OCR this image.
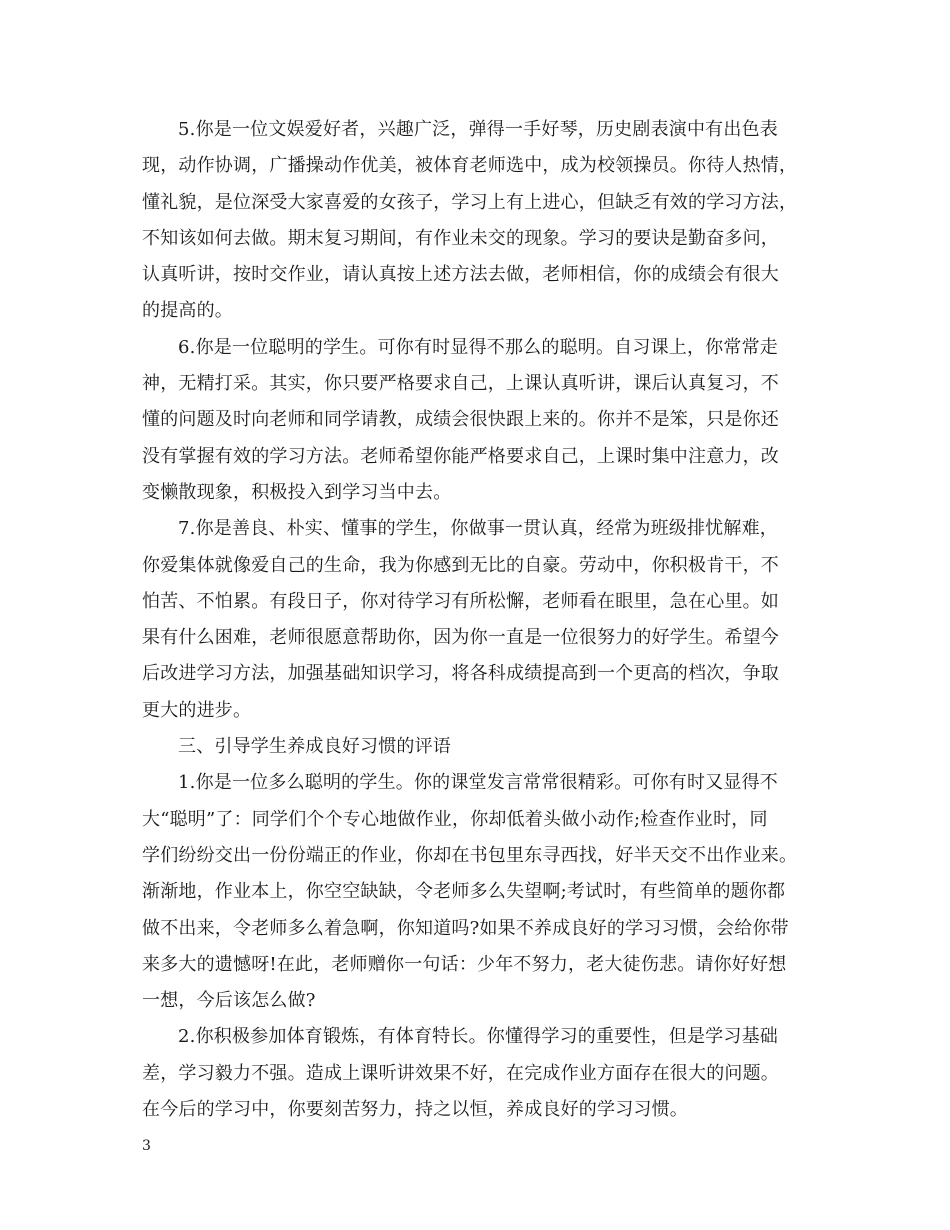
5.你是一位文娱爱好者，兴趣广泛，弹得一手好琴，历史剧表演中有出色表
现，动作协调，广播操动作优美，被体育老师选中，成为校领操员。你待人热情，
懂礼貌，是位深受大家喜爱的女孩子，学习上有上进心，但缺乏有效的学习方法，
不知该如何去做。期末复习期间，有作业未交的现象。学习的要诀是勤奋多问，
认真听讲，按时交作业，请认真按上述方法去做，老师相信，你的成绩会有很大
的提高的。
6.你是一位聪明的学生。可你有时显得不那么的聪明。自习课上，你常常走
神，无精打采。其实，你只要严格要求自己，上课认真听讲，课后认真复习，不
懂的问题及时向老师和同学请教，成绩会很快跟上来的。你并不是笨，只是你还
没有掌握有效的学习方法。老师希望你能严格要求自己，上课时集中注意力，改
变懒散现象，积极投入到学习当中去。
7.你是善良、朴实、懂事的学生，你做事一贯认真，经常为班级排忧解难，
你爱集体就像爱自己的生命，我为你感到无比的自豪。劳动中，你积极肯干，不
怕苦、不怕累。有段日子，你对待学习有所松懈，老师看在眼里，急在心里。如
果有什么困难，老师很愿意帮助你，因为你一直是一位很努力的好学生。希望今
后改进学习方法，加强基础知识学习，将各科成绩提高到一个更高的档次，争取
更大的进步。
三、引导学生养成良好习惯的评语
1.你是一位多么聪明的学生。你的课堂发言常常很精彩。可你有时又显得不
大“聪明”了：同学们个个专心地做作业，你却低着头做小动作;检查作业时，同
学们纷纷交出一份份端正的作业，你却在书包里东寻西找，好半天交不出作业来。
渐渐地，作业本上，你空空缺缺，令老师多么失望啊;考试时，有些简单的题你都
做不出来，令老师多么着急啊，你知道吗?如果不养成良好的学习习惯，会给你带
来多大的遗憾呀!在此，老师赠你一句话：少年不努力，老大徒伤悲。请你好好想
一想，今后该怎么做?
2.你积极参加体育锻炼，有体育特长。你懂得学习的重要性，但是学习基础
差，学习毅力不强。造成上课听讲效果不好，在完成作业方面存在很大的问题。
在今后的学习中，你要刻苦努力，持之以恒，养成良好的学习习惯。
3
